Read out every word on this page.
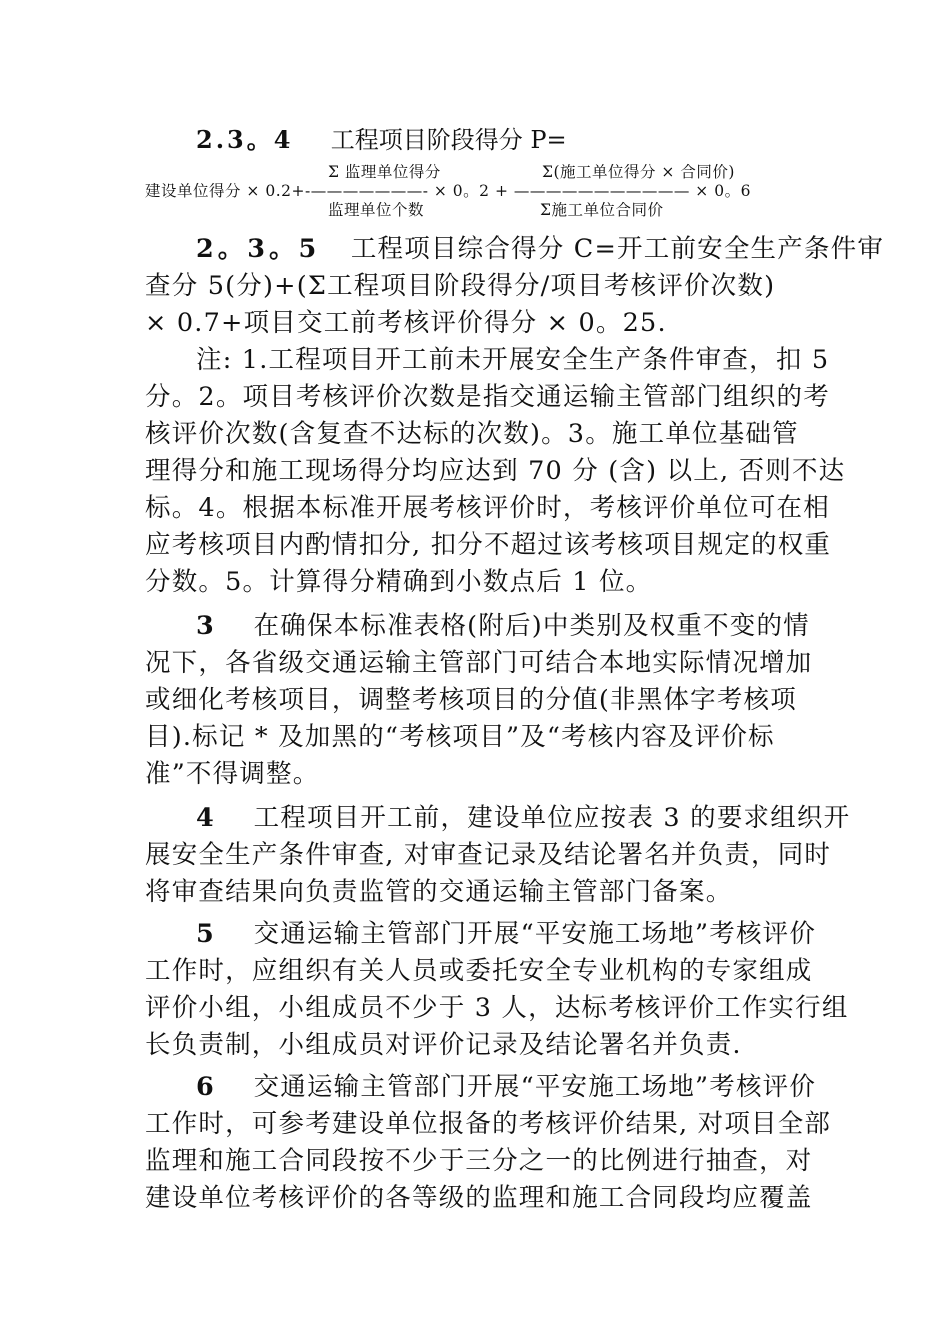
2.3。4 工程项目阶段得分 P=
Σ 监理单位得分	Σ(施工单位得分 × 合同价)
建设单位得分 × 0.2+-———————- × 0。2 + ——————————— × 0。6
监理单位个数	Σ施工单位合同价
2。3。5 工程项目综合得分 C=开工前安全生产条件审
查分 5(分)+(Σ工程项目阶段得分/项目考核评价次数)
× 0.7+项目交工前考核评价得分 × 0。25.
注: 1.工程项目开工前未开展安全生产条件审查，扣 5
分。2。项目考核评价次数是指交通运输主管部门组织的考
核评价次数(含复查不达标的次数)。3。施工单位基础管
理得分和施工现场得分均应达到 70 分 (含) 以上, 否则不达
标。4。根据本标准开展考核评价时，考核评价单位可在相
应考核项目内酌情扣分, 扣分不超过该考核项目规定的权重
分数。5。计算得分精确到小数点后 1 位。
3 在确保本标准表格(附后)中类别及权重不变的情
况下，各省级交通运输主管部门可结合本地实际情况增加
或细化考核项目，调整考核项目的分值(非黑体字考核项
目).标记 * 及加黑的“考核项目”及“考核内容及评价标
准”不得调整。
4 工程项目开工前，建设单位应按表 3 的要求组织开
展安全生产条件审查, 对审查记录及结论署名并负责，同时
将审查结果向负责监管的交通运输主管部门备案。
5 交通运输主管部门开展“平安施工场地”考核评价
工作时，应组织有关人员或委托安全专业机构的专家组成
评价小组，小组成员不少于 3 人，达标考核评价工作实行组
长负责制，小组成员对评价记录及结论署名并负责.
6 交通运输主管部门开展“平安施工场地”考核评价
工作时，可参考建设单位报备的考核评价结果, 对项目全部
监理和施工合同段按不少于三分之一的比例进行抽查，对
建设单位考核评价的各等级的监理和施工合同段均应覆盖
